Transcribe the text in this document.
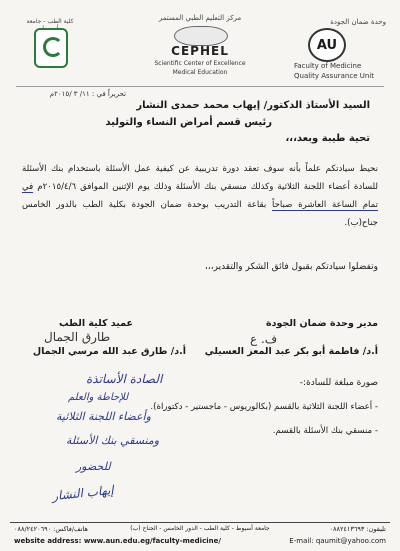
وحدة ضمان الجودة
AU
Faculty of Medicine
Quality Assurance Unit
مركز التعليم الطبي المستمر
CEPHEL
Scientific Center of Excellence
Medical Education
كلية الطب - جامعة
تحريراً في : ١١/ ٣ /٢٠١٥م
السيد الأستاذ الدكتور/ إيهاب محمد حمدى النشار
رئيس قسم أمراض النساء والتوليد
تحية طيبة وبعد،،،
نحيط سيادتكم علماً بأنه سوف تعقد دورة تدريبية عن كيفية عمل الأسئلة باستخدام بنك الأسئلة للسادة أعضاء اللجنة الثلاثية وكذلك منسقي بنك الأسئلة وذلك يوم الإثنين الموافق ٢٠١٥/٤/٦م في تمام الساعة العاشرة صباحاً بقاعة التدريب بوحدة ضمان الجودة بكلية الطب بالدور الخامس جناح(ب).
وتفضلوا سيادتكم بقبول فائق الشكر والتقدير،،،
مدير وحدة ضمان الجودة
ف. ع
أ.د/ فاطمة أبو بكر عبد المعز العسيلي
عميد كلية الطب
طارق الجمال
أ.د/ طارق عبد الله مرسي الجمال
صورة مبلغة للسادة:-
- أعضاء اللجنة الثلاثية بالقسم (بكالوريوس - ماجستير - دكتوراة).
- منسقي بنك الأسئلة بالقسم.
الصادة الأساتذة
للإحاطة والعلم
وأعضاء اللجنة الثلاثية
ومنسقي بنك الأسئلة
للحضور
إيهاب النشار
تليفون: ٠٨٨٢٤١٣٦٩٣
جامعة أسيوط - كلية الطب - الدور الخامس - الجناح (ب)
هاتف/فاكس: ٠٨٨/٢٤٢٠٦٩٠
E-mail: qaumit@yahoo.com
website address: www.aun.edu.eg/faculty-medicine/
